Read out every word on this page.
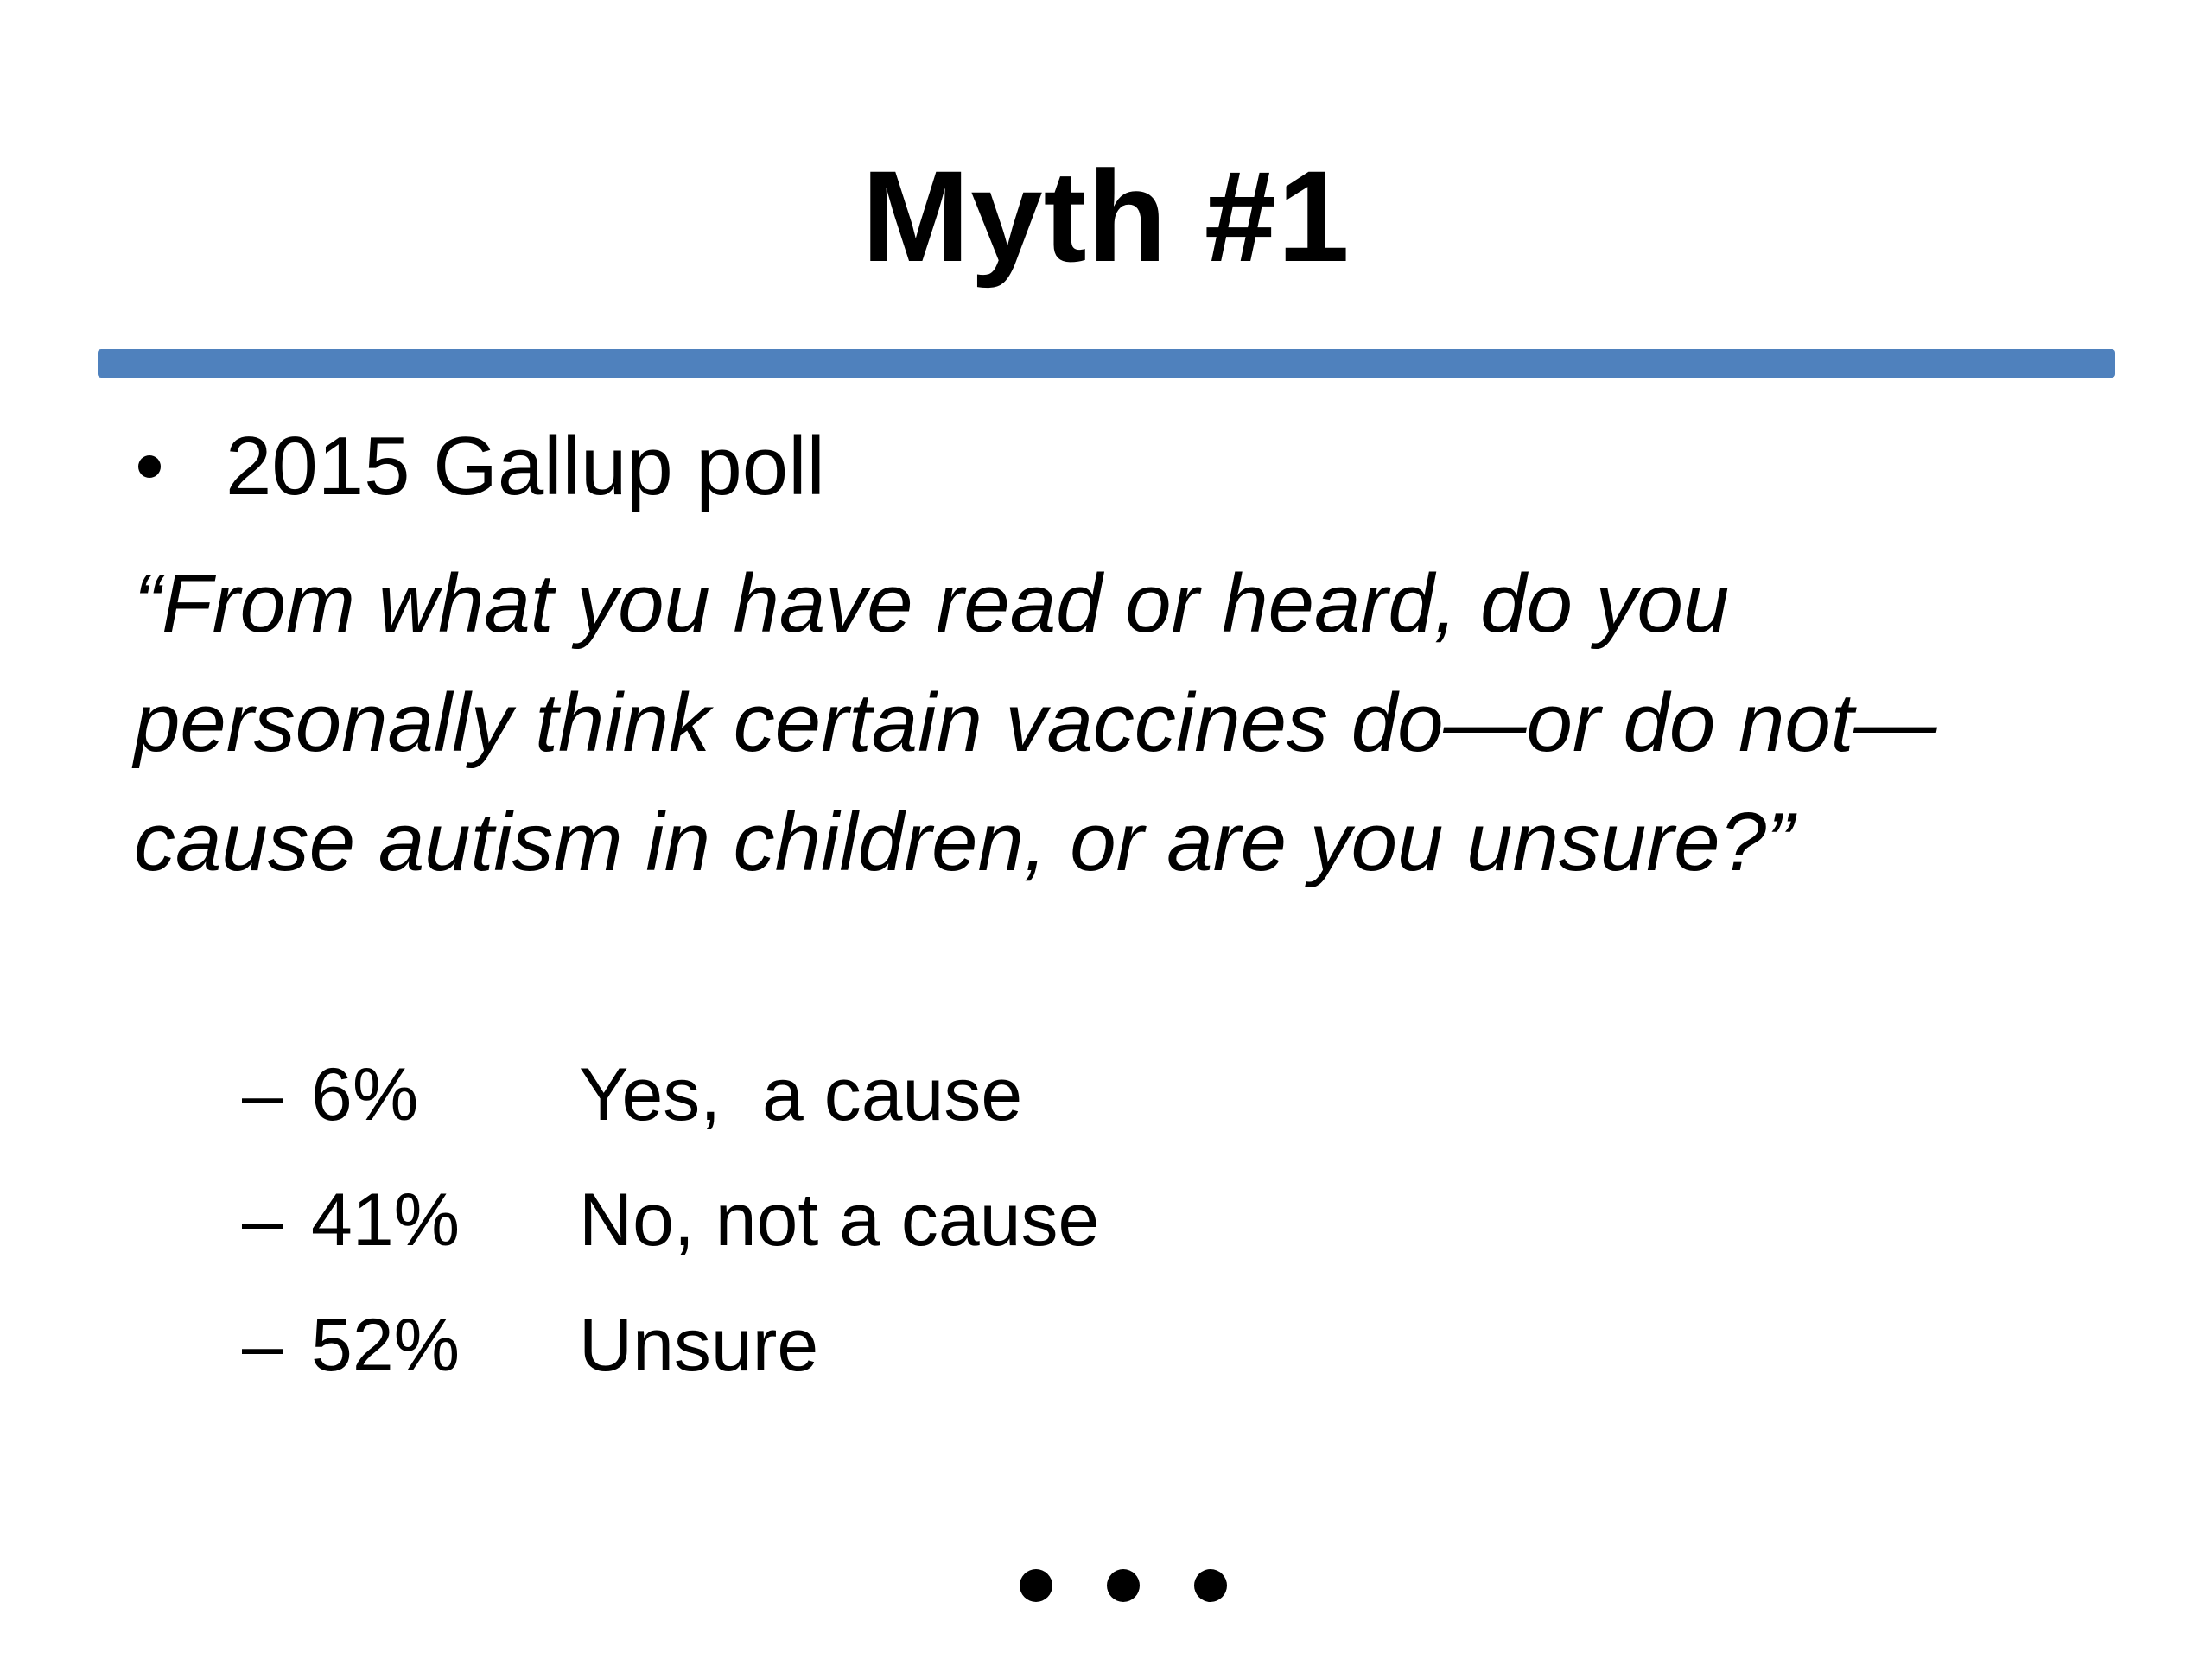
Myth #1
2015 Gallup poll
“From what you have read or heard, do you personally think certain vaccines do—or do not—cause autism in children, or are you unsure?”
– 6%	Yes,  a cause
– 41%	No, not a cause
– 52%	Unsure
